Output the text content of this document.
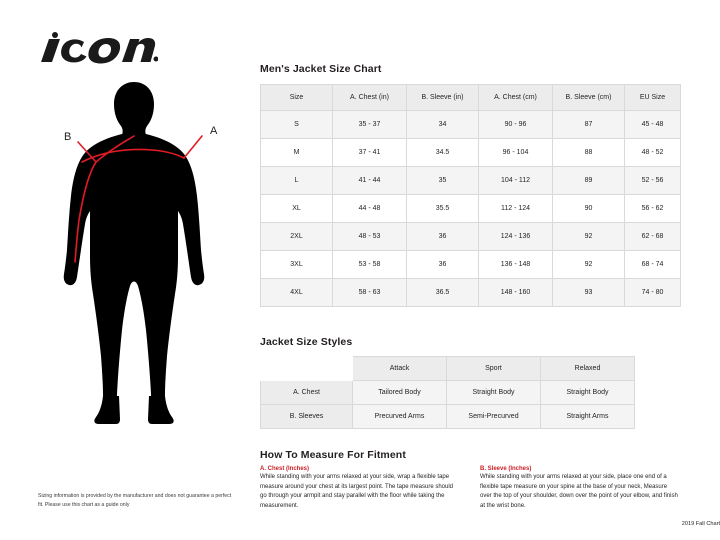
A
B
Sizing information is provided by the manufacturer and does not guarantee a perfect fit. Please use this chart as a guide only
Men's Jacket Size Chart
Size	A. Chest (in)	B. Sleeve (in)	A. Chest (cm)	B. Sleeve (cm)	EU Size
S	35 - 37	34	90 - 96	87	45 - 48
M	37 - 41	34.5	96 - 104	88	48 - 52
L	41 - 44	35	104 - 112	89	52 - 56
XL	44 - 48	35.5	112 - 124	90	56 - 62
2XL	48 - 53	36	124 - 136	92	62 - 68
3XL	53 - 58	36	136 - 148	92	68 - 74
4XL	58 - 63	36.5	148 - 160	93	74 - 80
Jacket Size Styles
	Attack	Sport	Relaxed
A. Chest	Tailored Body	Straight Body	Straight Body
B. Sleeves	Precurved Arms	Semi-Precurved	Straight Arms
How To Measure For Fitment
A. Chest (Inches)
While standing with your arms relaxed at your side, wrap a flexible tape measure around your chest at its largest point. The tape measure should go through your armpit and stay parallel with the floor while taking the measurement.
B. Sleeve (Inches)
While standing with your arms relaxed at your side, place one end of a flexible tape measure on your spine at the base of your neck, Measure over the top of your shoulder, down over the point of your elbow, and finish at the wrist bone.
2019 Fall Chart
